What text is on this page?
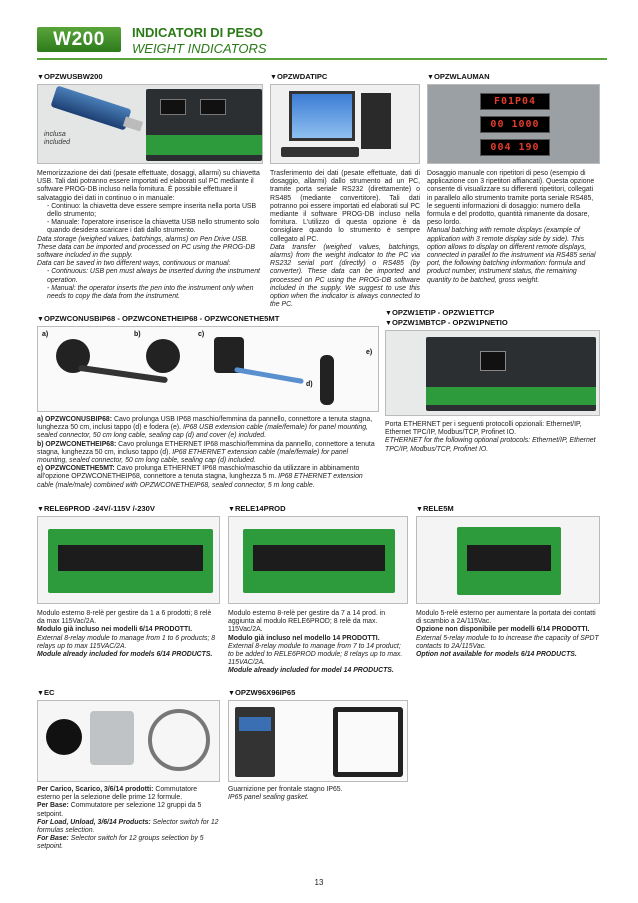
W200	INDICATORI DI PESO
WEIGHT INDICATORS
▼ OPZWUSBW200
inclusa
included
Memorizzazione dei dati (pesate effettuate, dosaggi, allarmi) su chiavetta USB. Tali dati potranno essere importati ed elaborati sul PC mediante il software PROG-DB incluso nella fornitura. È possibile effettuare il salvataggio dei dati in continuo o in manuale:
- Continuo: la chiavetta deve essere sempre inserita nella porta USB dello strumento;
- Manuale: l'operatore inserisce la chiavetta USB nello strumento solo quando desidera scaricare i dati dallo strumento.
Data storage (weighed values, batchings, alarms) on Pen Drive USB. These data can be imported and processed on PC using the PROG-DB software included in the supply.
Data can be saved in two different ways, continuous or manual:
- Continuous: USB pen must always be inserted during the instrument operation.
- Manual: the operator inserts the pen into the instrument only when needs to copy the data from the instrument.
▼ OPZWDATIPC
Trasferimento dei dati (pesate effettuate, dati di dosaggio, allarmi) dallo strumento ad un PC, tramite porta seriale RS232 (direttamente) o RS485 (mediante convertitore). Tali dati potranno poi essere importati ed elaborati sul PC mediante il software PROG-DB incluso nella fornitura. L'utilizzo di questa opzione è da consigliare quando lo strumento è sempre collegato al PC.
Data transfer (weighed values, batchings, alarms) from the weight indicator to the PC via RS232 serial port (directly) o RS485 (by converter). These data can be imported and processed on PC using the PROG-DB software included in the supply. We suggest to use this option when the indicator is always connected to the PC.
▼ OPZWLAUMAN
F01P04
00 1000
004 190
Dosaggio manuale con ripetitori di peso (esempio di applicazione con 3 ripetitori affiancati). Questa opzione consente di visualizzare su differenti ripetitori, collegati in parallelo allo strumento tramite porta seriale RS485, le seguenti informazioni di dosaggio: numero della formula e del prodotto, quantità rimanente da dosare, peso lordo.
Manual batching with remote displays (example of application with 3 remote display side by side). This option allows to display on different remote displays, connected in parallel to the instrument via RS485 serial port, the following batching information: formula and product number, instrument status, the remaining quantity to be batched, gross weight.
▼ OPZWCONUSBIP68 - OPZWCONETHEIP68 - OPZWCONETHE5MT
a)	b)	c)
d)
e)
a) OPZWCONUSBIP68: Cavo prolunga USB IP68 maschio/femmina da pannello, connettore a tenuta stagna, lunghezza 50 cm, inclusi tappo (d) e fodera (e). IP68 USB extension cable (male/female) for panel mounting, sealed connector, 50 cm long cable, sealing cap (d) and cover (e) included.
b) OPZWCONETHEIP68: Cavo prolunga ETHERNET IP68 maschio/femmina da pannello, connettore a tenuta stagna, lunghezza 50 cm, incluso tappo (d). IP68 ETHERNET extension cable (male/female) for panel mounting, sealed connector, 50 cm long cable, sealing cap (d) included.
c) OPZWCONETHE5MT: Cavo prolunga ETHERNET IP68 maschio/maschio da utilizzare in abbinamento all'opzione OPZWCONETHEIP68, connettore a tenuta stagna, lunghezza 5 m. IP68 ETHERNET extension cable (male/male) combined with OPZWCONETHEIP68, sealed connector, 5 m long cable.
▼ OPZW1ETIP - OPZW1ETTCP
▼ OPZW1MBTCP - OPZW1PNETIO
Porta ETHERNET per i seguenti protocolli opzionali: Ethernet/IP, Ethernet TPC/IP, Modbus/TCP, Profinet IO.
ETHERNET for the following optional protocols: Ethernet/IP, Ethernet TPC/IP, Modbus/TCP, Profinet IO.
▼ RELE6PROD -24V/-115V /-230V
Modulo esterno 8-relè per gestire da 1 a 6 prodotti; 8 relè da max 115Vac/2A.
Modulo già incluso nei modelli 6/14 PRODOTTI.
External 8-relay module to manage from 1 to 6 products; 8 relays up to max 115VAC/2A.
Module already included for models 6/14 PRODUCTS.
▼ RELE14PROD
Modulo esterno 8-relè per gestire da 7 a 14 prod. in aggiunta al modulo RELE6PROD; 8 relè da max. 115Vac/2A.
Modulo già incluso nel modello 14 PRODOTTI.
External 8-relay module to manage from 7 to 14 product; to be added to RELE6PROD module; 8 relays up to max. 115VAC/2A.
Module already included for model 14 PRODUCTS.
▼ RELE5M
Modulo 5-relè esterno per aumentare la portata dei contatti di scambio a 2A/115Vac.
Opzione non disponibile per modelli 6/14 PRODOTTI.
External 5-relay module to to increase the capacity of SPDT contacts to 2A/115Vac.
Option not available for models 6/14 PRODUCTS.
▼ EC
Per Carico, Scarico, 3/6/14 prodotti: Commutatore esterno per la selezione delle prime 12 formule.
Per Base: Commutatore per selezione 12 gruppi da 5 setpoint.
For Load, Unload, 3/6/14 Products: Selector switch for 12 formulas selection.
For Base: Selector switch for 12 groups selection by 5 setpoint.
▼ OPZW96X96IP65
Guarnizione per frontale stagno IP65.
IP65 panel sealing gasket.
13
